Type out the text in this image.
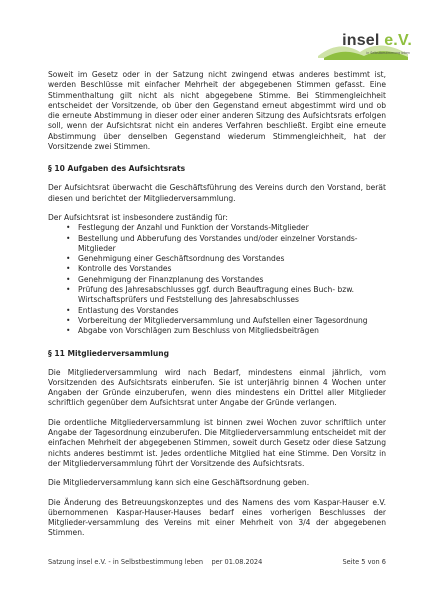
insel e.V.
in Selbstbestimmung leben

Soweit im Gesetz oder in der Satzung nicht zwingend etwas anderes bestimmt ist, werden Beschlüsse mit einfacher Mehrheit der abgegebenen Stimmen gefasst. Eine Stimmenthaltung gilt nicht als nicht abgegebene Stimme. Bei Stimmengleichheit entscheidet der Vorsitzende, ob über den Gegenstand erneut abgestimmt wird und ob die erneute Abstimmung in dieser oder einer anderen Sitzung des Aufsichtsrats erfolgen soll, wenn der Aufsichtsrat nicht ein anderes Verfahren beschließt. Ergibt eine erneute Abstimmung über denselben Gegenstand wiederum Stimmengleichheit, hat der Vorsitzende zwei Stimmen.

§ 10 Aufgaben des Aufsichtsrats

Der Aufsichtsrat überwacht die Geschäftsführung des Vereins durch den Vorstand, berät diesen und berichtet der Mitgliederversammlung.

Der Aufsichtsrat ist insbesondere zuständig für:

• Festlegung der Anzahl und Funktion der Vorstands-Mitglieder
• Bestellung und Abberufung des Vorstandes und/oder einzelner Vorstands-Mitglieder
• Genehmigung einer Geschäftsordnung des Vorstandes
• Kontrolle des Vorstandes
• Genehmigung der Finanzplanung des Vorstandes
• Prüfung des Jahresabschlusses ggf. durch Beauftragung eines Buch- bzw. Wirtschaftsprüfers und Feststellung des Jahresabschlusses
• Entlastung des Vorstandes
• Vorbereitung der Mitgliederversammlung und Aufstellen einer Tagesordnung
• Abgabe von Vorschlägen zum Beschluss von Mitgliedsbeiträgen
§ 11 Mitgliederversammlung

Die Mitgliederversammlung wird nach Bedarf, mindestens einmal jährlich, vom Vorsitzenden des Aufsichtsrats einberufen. Sie ist unterjährig binnen 4 Wochen unter Angaben der Gründe einzuberufen, wenn dies mindestens ein Drittel aller Mitglieder schriftlich gegenüber dem Aufsichtsrat unter Angabe der Gründe verlangen.

Die ordentliche Mitgliederversammlung ist binnen zwei Wochen zuvor schriftlich unter Angabe der Tagesordnung einzuberufen. Die Mitgliederversammlung entscheidet mit der einfachen Mehrheit der abgegebenen Stimmen, soweit durch Gesetz oder diese Satzung nichts anderes bestimmt ist. Jedes ordentliche Mitglied hat eine Stimme. Den Vorsitz in der Mitgliederversammlung führt der Vorsitzende des Aufsichtsrats.

Die Mitgliederversammlung kann sich eine Geschäftsordnung geben.

Die Änderung des Betreuungskonzeptes und des Namens des vom Kaspar-Hauser e.V. übernommenen Kaspar-Hauser-Hauses bedarf eines vorherigen Beschlusses der Mitglieder-versammlung des Vereins mit einer Mehrheit von 3/4 der abgegebenen Stimmen.

Satzung insel e.V. - in Selbstbestimmung leben    per 01.08.2024	Seite 5 von 6
